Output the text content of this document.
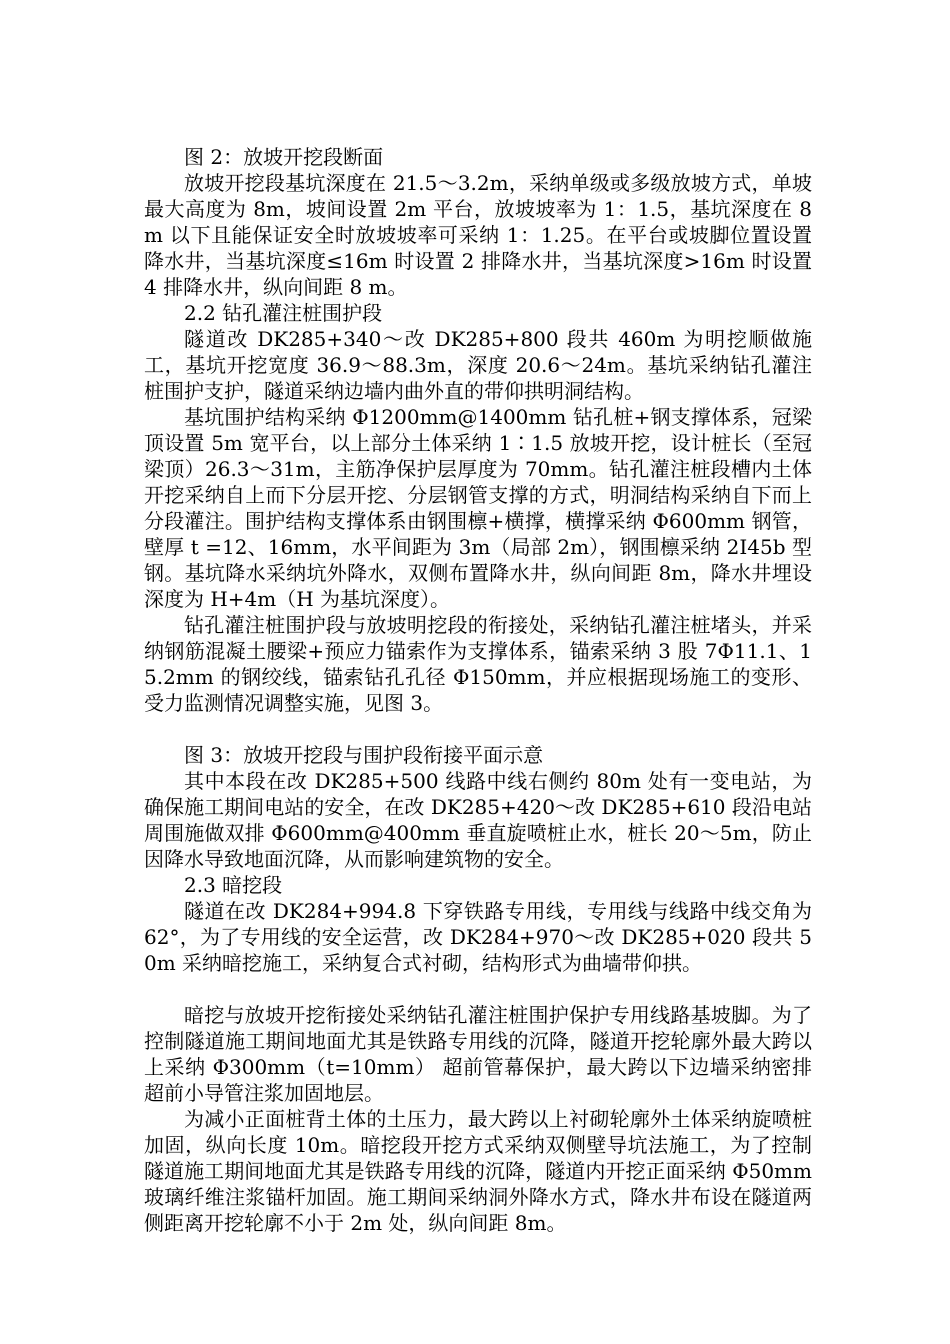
图 2：放坡开挖段断面

放坡开挖段基坑深度在 21.5～3.2m，采纳单级或多级放坡方式，单坡最大高度为 8m，坡间设置 2m 平台，放坡坡率为 1：1.5，基坑深度在 8m 以下且能保证安全时放坡坡率可采纳 1：1.25。在平台或坡脚位置设置降水井，当基坑深度≤16m 时设置 2 排降水井，当基坑深度>16m 时设置 4 排降水井，纵向间距 8 m。

2.2 钻孔灌注桩围护段

隧道改 DK285+340～改 DK285+800 段共 460m 为明挖顺做施工，基坑开挖宽度 36.9～88.3m，深度 20.6～24m。基坑采纳钻孔灌注桩围护支护，隧道采纳边墙内曲外直的带仰拱明洞结构。

基坑围护结构采纳 Φ1200mm@1400mm 钻孔桩+钢支撑体系，冠梁顶设置 5m 宽平台，以上部分土体采纳 1∶1.5 放坡开挖，设计桩长（至冠梁顶）26.3～31m，主筋净保护层厚度为 70mm。钻孔灌注桩段槽内土体开挖采纳自上而下分层开挖、分层钢管支撑的方式，明洞结构采纳自下而上分段灌注。围护结构支撑体系由钢围檩+横撑，横撑采纳 Φ600mm 钢管，壁厚 t =12、16mm，水平间距为 3m（局部 2m），钢围檩采纳 2I45b 型钢。基坑降水采纳坑外降水，双侧布置降水井，纵向间距 8m，降水井埋设深度为 H+4m（H 为基坑深度）。

钻孔灌注桩围护段与放坡明挖段的衔接处，采纳钻孔灌注桩堵头，并采纳钢筋混凝土腰梁+预应力锚索作为支撑体系，锚索采纳 3 股 7Φ11.1、15.2mm 的钢绞线，锚索钻孔孔径 Φ150mm，并应根据现场施工的变形、受力监测情况调整实施，见图 3。

图 3：放坡开挖段与围护段衔接平面示意

其中本段在改 DK285+500 线路中线右侧约 80m 处有一变电站，为确保施工期间电站的安全，在改 DK285+420～改 DK285+610 段沿电站周围施做双排 Φ600mm@400mm 垂直旋喷桩止水，桩长 20～5m，防止因降水导致地面沉降，从而影响建筑物的安全。

2.3 暗挖段

隧道在改 DK284+994.8 下穿铁路专用线，专用线与线路中线交角为 62°，为了专用线的安全运营，改 DK284+970～改 DK285+020 段共 50m 采纳暗挖施工，采纳复合式衬砌，结构形式为曲墙带仰拱。

暗挖与放坡开挖衔接处采纳钻孔灌注桩围护保护专用线路基坡脚。为了控制隧道施工期间地面尤其是铁路专用线的沉降，隧道开挖轮廓外最大跨以上采纳 Φ300mm（t=10mm） 超前管幕保护，最大跨以下边墙采纳密排超前小导管注浆加固地层。

为减小正面桩背土体的土压力，最大跨以上衬砌轮廓外土体采纳旋喷桩加固，纵向长度 10m。暗挖段开挖方式采纳双侧壁导坑法施工，为了控制隧道施工期间地面尤其是铁路专用线的沉降，隧道内开挖正面采纳 Φ50mm 玻璃纤维注浆锚杆加固。施工期间采纳洞外降水方式，降水井布设在隧道两侧距离开挖轮廓不小于 2m 处，纵向间距 8m。
